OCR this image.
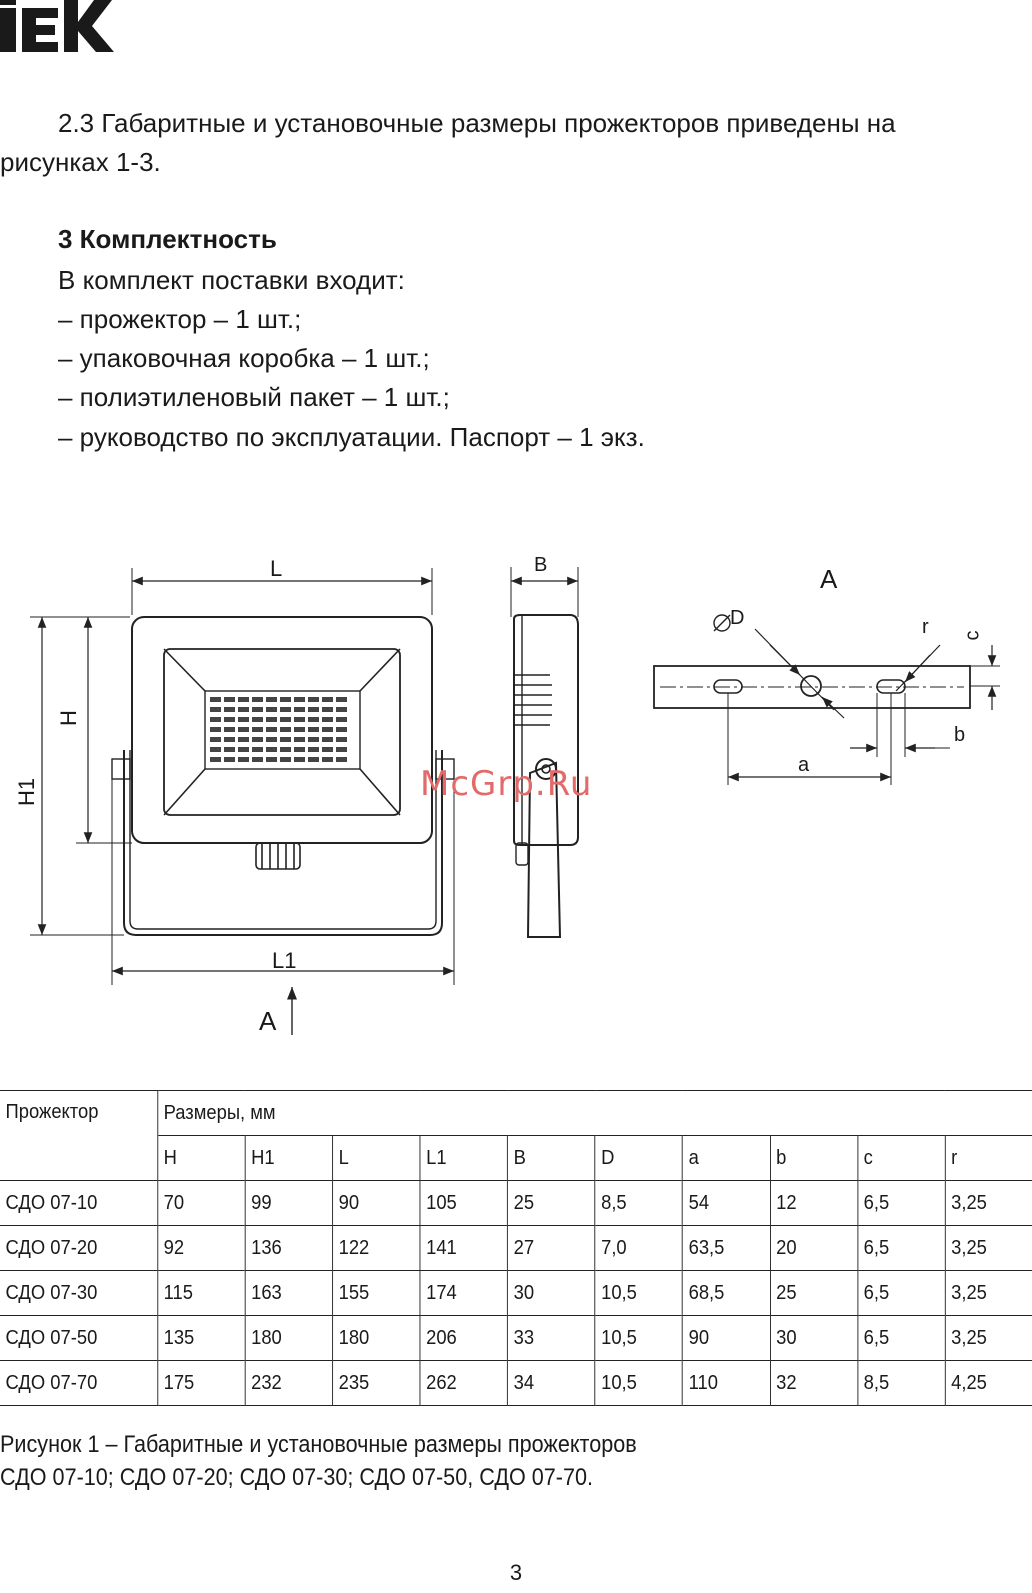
2.3 Габаритные и установочные размеры прожекторов приведены на
рисунках 1-3.
3 Комплектность
В комплект поставки входит:
– прожектор – 1 шт.;
– упаковочная коробка – 1 шт.;
– полиэтиленовый пакет – 1 шт.;
– руководство по эксплуатации. Паспорт – 1 экз.
L	B	A
D	r c
b
a
H
H1
L1
A
McGrp.Ru
Прожектор	Размеры, мм									
	H	H1	L	L1	B	D	a	b	c	r
СДО 07-10	70	99	90	105	25	8,5	54	12	6,5	3,25
СДО 07-20	92	136	122	141	27	7,0	63,5	20	6,5	3,25
СДО 07-30	115	163	155	174	30	10,5	68,5	25	6,5	3,25
СДО 07-50	135	180	180	206	33	10,5	90	30	6,5	3,25
СДО 07-70	175	232	235	262	34	10,5	110	32	8,5	4,25
Рисунок 1 – Габаритные и установочные размеры прожекторов
СДО 07-10; СДО 07-20; СДО 07-30; СДО 07-50, СДО 07-70.
3
